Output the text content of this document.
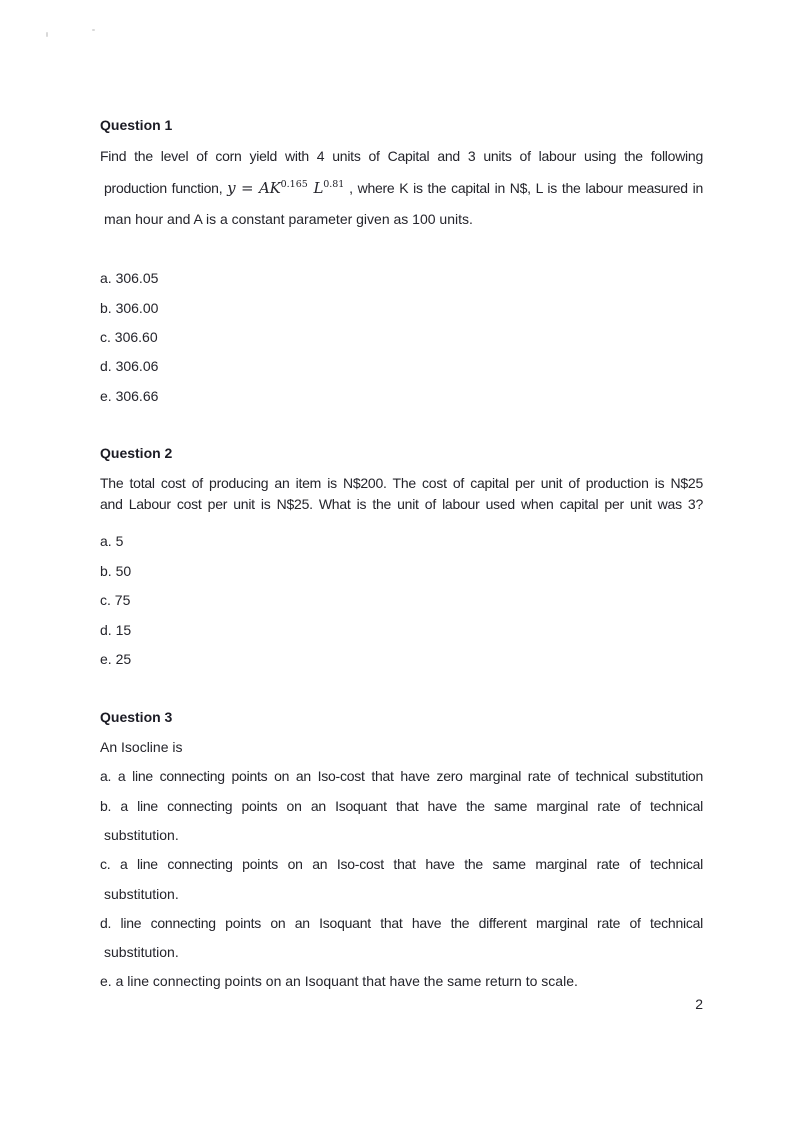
Question 1
Find the level of corn yield with 4 units of Capital and 3 units of labour using the following
production function, $y = AK^{0.165}$ $L^{0.81}$ , where K is the capital in N$, L is the labour measured in
man hour and A is a constant parameter given as 100 units.
a. 306.05
b. 306.00
c. 306.60
d. 306.06
e. 306.66
Question 2
The total cost of producing an item is N$200. The cost of capital per unit of production is N$25
and Labour cost per unit is N$25. What is the unit of labour used when capital per unit was 3?
a. 5
b. 50
c. 75
d. 15
e. 25
Question 3
An Isocline is
a. a line connecting points on an Iso-cost that have zero marginal rate of technical substitution
b. a line connecting points on an Isoquant that have the same marginal rate of technical
substitution.
c. a line connecting points on an Iso-cost that have the same marginal rate of technical
substitution.
d. line connecting points on an Isoquant that have the different marginal rate of technical
substitution.
e. a line connecting points on an Isoquant that have the same return to scale.
2
